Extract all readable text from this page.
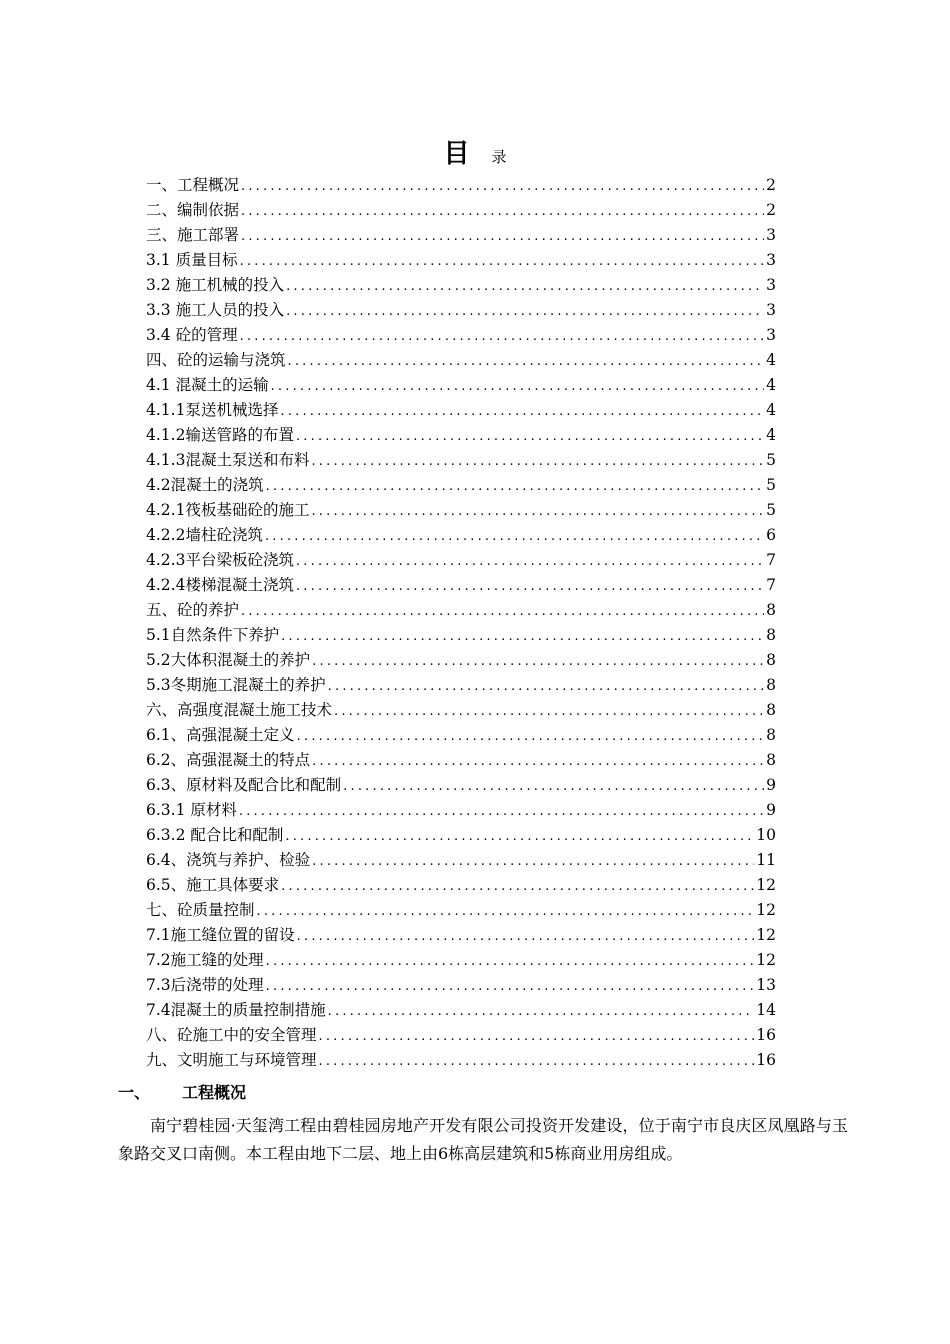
目 录
一、工程概况 .....	2
二、编制依据 .....	2
三、施工部署 .....	3
3.1 质量目标 .....	3
3.2 施工机械的投入 .....	3
3.3 施工人员的投入 .....	3
3.4 砼的管理 .....	3
四、砼的运输与浇筑 .....	4
4.1 混凝土的运输 .....	4
4.1.1泵送机械选择 .....	4
4.1.2输送管路的布置 .....	4
4.1.3混凝土泵送和布料 .....	5
4.2混凝土的浇筑 .....	5
4.2.1筏板基础砼的施工 .....	5
4.2.2墙柱砼浇筑 .....	6
4.2.3平台梁板砼浇筑 .....	7
4.2.4楼梯混凝土浇筑 .....	7
五、砼的养护 .....	8
5.1自然条件下养护 .....	8
5.2大体积混凝土的养护 .....	8
5.3冬期施工混凝土的养护 .....	8
六、高强度混凝土施工技术 .....	8
6.1、高强混凝土定义 .....	8
6.2、高强混凝土的特点 .....	8
6.3、原材料及配合比和配制 .....	9
6.3.1 原材料 .....	9
6.3.2 配合比和配制 .....	10
6.4、浇筑与养护、检验 .....	11
6.5、施工具体要求 .....	12
七、砼质量控制 .....	12
7.1施工缝位置的留设 .....	12
7.2施工缝的处理 .....	12
7.3后浇带的处理 .....	13
7.4混凝土的质量控制措施 .....	14
八、砼施工中的安全管理 .....	16
九、文明施工与环境管理 .....	16
一、 工程概况
南宁碧桂园·天玺湾工程由碧桂园房地产开发有限公司投资开发建设，位于南宁市良庆区凤凰路与玉象路交叉口南侧。本工程由地下二层、地上由6栋高层建筑和5栋商业用房组成。
